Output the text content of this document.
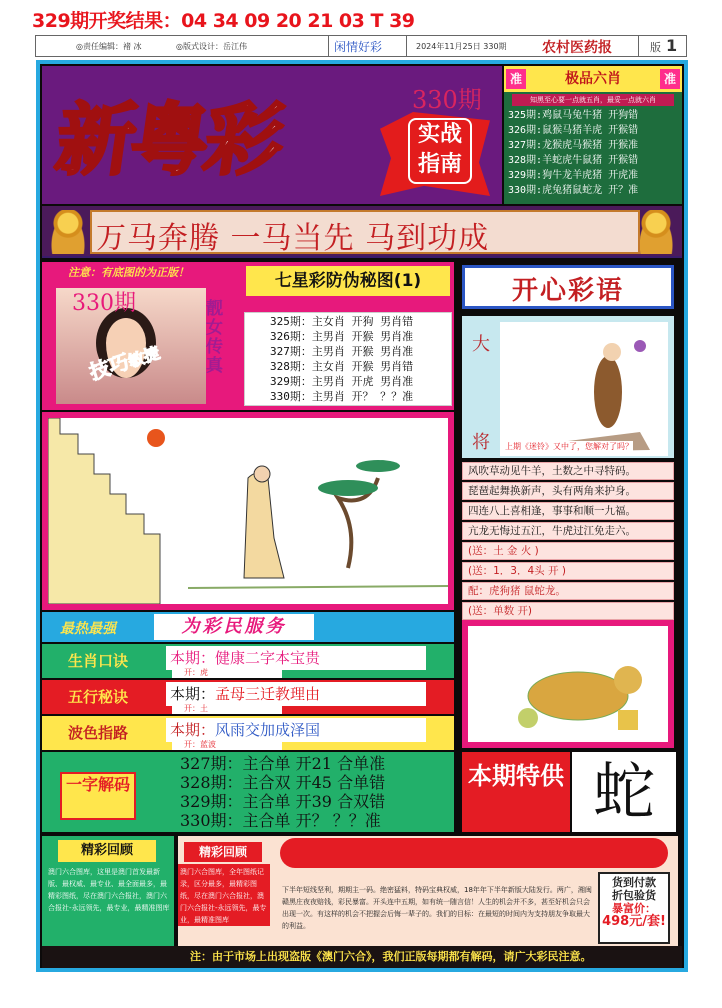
329期开奖结果：04 34 09 20 21 03 T 39
◎责任编辑：褚 冰	◎版式设计：岳江伟	闲情好彩	2024年11月25日 330期	农村医药报	版 1
新粤彩	330期
实战指南
准	极品六肖	准
知黑至心要一点就五肖，最妥一点就六肖
325期:鸡鼠马兔牛猪 开狗错
326期:鼠猴马猪羊虎 开猴错
327期:龙猴虎马猴猪 开猴准
328期:羊蛇虎牛鼠猪 开猴错
329期:狗牛龙羊虎猪 开虎准
330期:虎兔猪鼠蛇龙 开？准
万马奔腾 一马当先 马到功成
注意：有底图的为正版！
330期
技巧敏捷
靓女传真
七星彩防伪秘图(1)
325期：主女肖 开狗 男肖错
326期：主男肖 开猴 男肖准
327期：主男肖 开猴 男肖准
328期：主女肖 开猴 男肖错
329期：主男肖 开虎 男肖准
330期：主男肖 开？ ？？准
开心彩语
大
将 上期《迷铃》又中了，您解对了吗？
风吹草动见牛羊，土数之中寻特码。
琵琶起舞换新声，头有两角来护身。
四连八上喜相逢，事事和顺一九福。
亢龙无悔过五江，牛虎过江免走六。
(送：土 金 火 )
(送：1．3．4头 开 )
配：虎狗猪 鼠蛇龙。
(送：单数 开)
最热最强	为彩民服务
生肖口诀	本期：健康二字本宝贵
开：虎
五行秘诀	本期：孟母三迁教理由
开：土
波色指路	本期：风雨交加成泽国
开：蓝波
一字解码
327期：主合单 开21 合单准
328期：主合双 开45 合单错
329期：主合单 开39 合双错
330期：主合单 开？ ？？准
本期特供 蛇
精彩回顾
澳门六合图库，这里是澳门首发最新版、最权威、最专业、最全面最多，最精彩图纸，尽在澳门六合报社，澳门六合报社-永远领先，最专业，最精准图库
精彩回顾
澳门六合图库，全年图纸记录，区分最多，最精彩图纸，尽在澳门六合报社，澳门六合报社-永远领先，最专业，最精准图库
下半年短线坚利，期期主一码。绝密猛料，特码宝典权威，18年年下半年新版大陆发行。两广，湘闽赣黑庄夜夜赔钱，彩民暴富。开头连中五期，如有统一随言信！人生的机会并不多，甚至好机会只会出现一次。有这样的机会不把握会后悔一辈子的。我们的目标：在最短的时间内为支持朋友争取最大的利益。
货到付款
折包验货
暴富价：
498元/套!
注：由于市场上出现盗版《澳门六合》，我们正版每期都有解码，请广大彩民注意。
